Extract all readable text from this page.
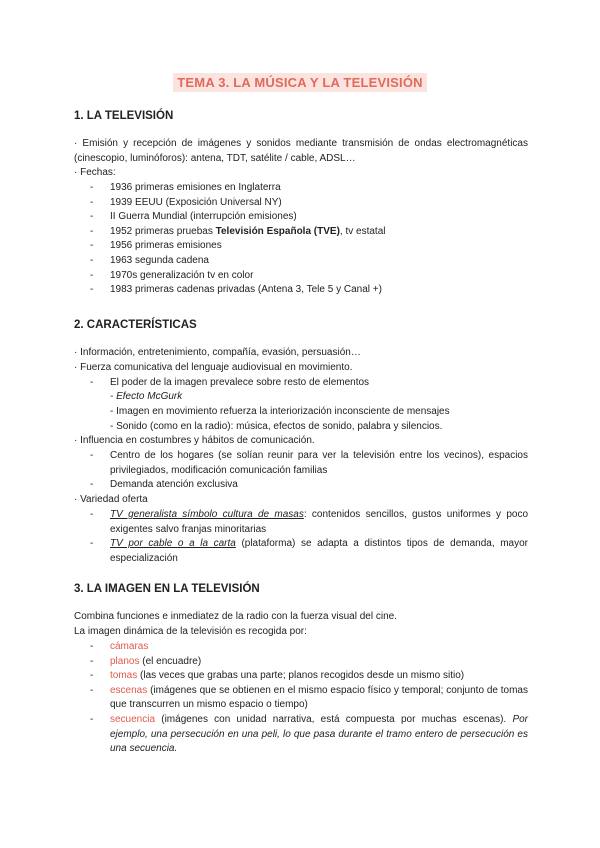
TEMA 3. LA MÚSICA Y LA TELEVISIÓN
1. LA TELEVISIÓN

· Emisión y recepción de imágenes y sonidos mediante transmisión de ondas electromagnéticas (cinescopio, luminóforos): antena, TDT, satélite / cable, ADSL…

· Fechas:

- 1936 primeras emisiones en Inglaterra
- 1939 EEUU (Exposición Universal NY)
- II Guerra Mundial (interrupción emisiones)
- 1952 primeras pruebas Televisión Española (TVE), tv estatal
- 1956 primeras emisiones
- 1963 segunda cadena
- 1970s generalización tv en color
- 1983 primeras cadenas privadas (Antena 3, Tele 5 y Canal +)
2. CARACTERÍSTICAS

· Información, entretenimiento, compañía, evasión, persuasión…

· Fuerza comunicativa del lenguaje audiovisual en movimiento.

- El poder de la imagen prevalece sobre resto de elementos
- Efecto McGurk
- Imagen en movimiento refuerza la interiorización inconsciente de mensajes
- Sonido (como en la radio): música, efectos de sonido, palabra y silencios.

· Influencia en costumbres y hábitos de comunicación.

- Centro de los hogares (se solían reunir para ver la televisión entre los vecinos), espacios privilegiados, modificación comunicación familias
- Demanda atención exclusiva

· Variedad oferta

- TV generalista símbolo cultura de masas: contenidos sencillos, gustos uniformes y poco exigentes salvo franjas minoritarias
- TV por cable o a la carta (plataforma) se adapta a distintos tipos de demanda, mayor especialización
3. LA IMAGEN EN LA TELEVISIÓN

Combina funciones e inmediatez de la radio con la fuerza visual del cine.

La imagen dinámica de la televisión es recogida por:

- cámaras
- planos (el encuadre)
- tomas (las veces que grabas una parte; planos recogidos desde un mismo sitio)
- escenas (imágenes que se obtienen en el mismo espacio físico y temporal; conjunto de tomas que transcurren un mismo espacio o tiempo)
- secuencia (imágenes con unidad narrativa, está compuesta por muchas escenas). Por ejemplo, una persecución en una peli, lo que pasa durante el tramo entero de persecución es una secuencia.
